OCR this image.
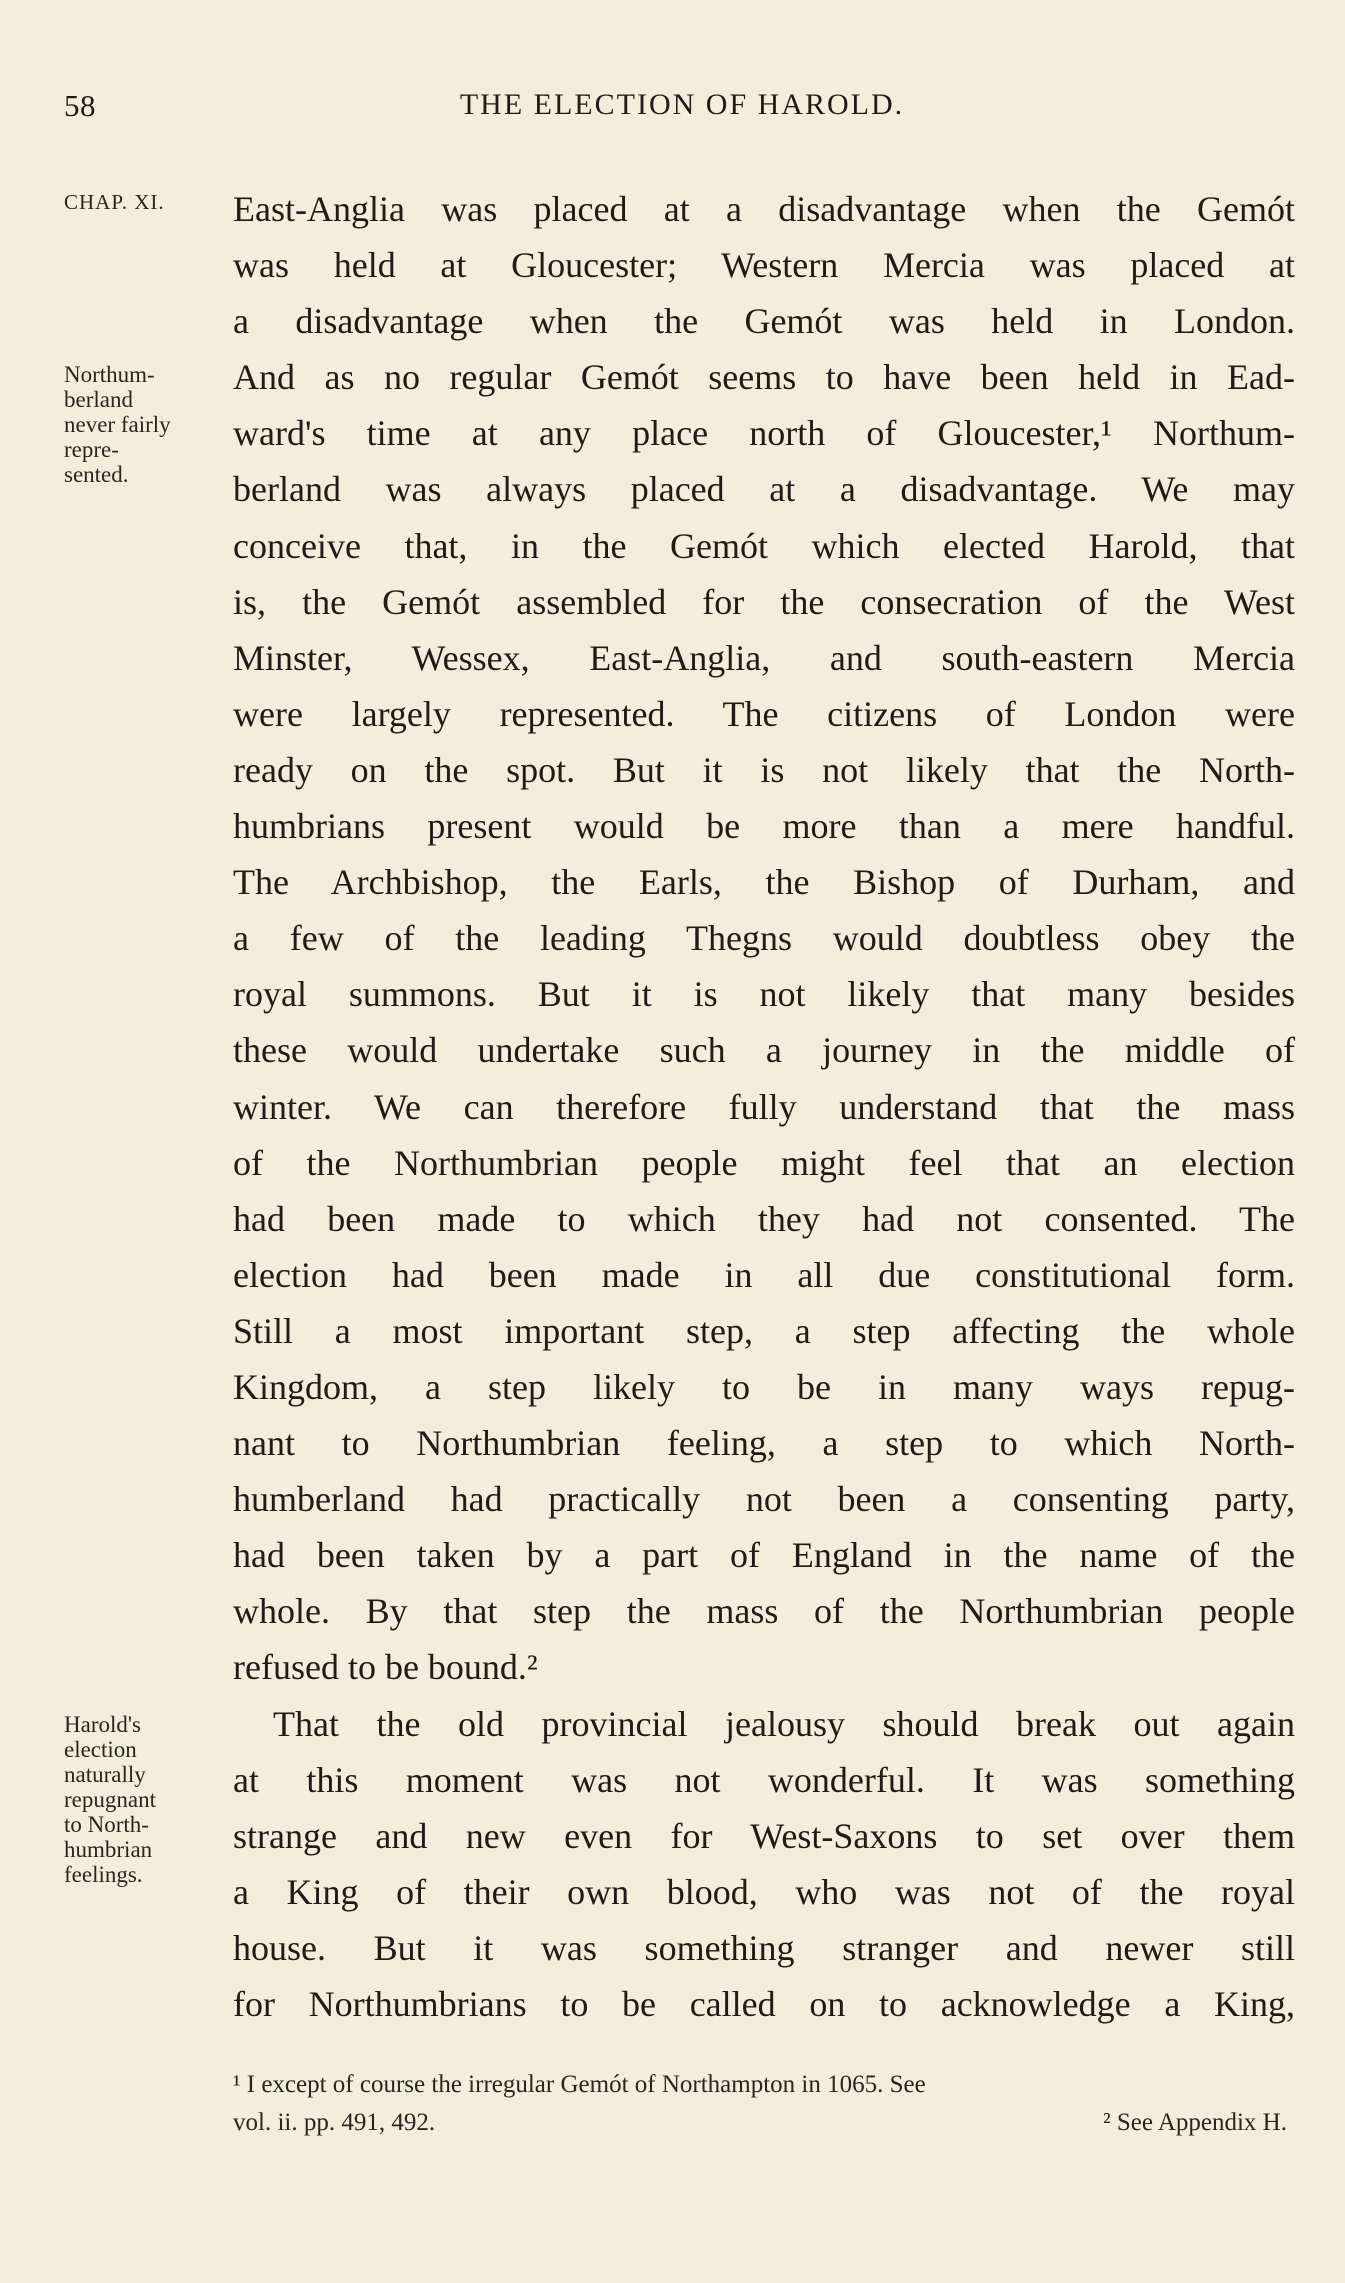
58	THE ELECTION OF HAROLD.
CHAP. XI.
Northum-
berland
never fairly
repre-
sented.
Harold's
election
naturally
repugnant
to North-
humbrian
feelings.
East-Anglia was placed at a disadvantage when the Gemót
was held at Gloucester; Western Mercia was placed at
a disadvantage when the Gemót was held in London.
And as no regular Gemót seems to have been held in Ead-
ward's time at any place north of Gloucester,¹ Northum-
berland was always placed at a disadvantage. We may
conceive that, in the Gemót which elected Harold, that
is, the Gemót assembled for the consecration of the West
Minster, Wessex, East-Anglia, and south-eastern Mercia
were largely represented. The citizens of London were
ready on the spot. But it is not likely that the North-
humbrians present would be more than a mere handful.
The Archbishop, the Earls, the Bishop of Durham, and
a few of the leading Thegns would doubtless obey the
royal summons. But it is not likely that many besides
these would undertake such a journey in the middle of
winter. We can therefore fully understand that the mass
of the Northumbrian people might feel that an election
had been made to which they had not consented. The
election had been made in all due constitutional form.
Still a most important step, a step affecting the whole
Kingdom, a step likely to be in many ways repug-
nant to Northumbrian feeling, a step to which North-
humberland had practically not been a consenting party,
had been taken by a part of England in the name of the
whole. By that step the mass of the Northumbrian people
refused to be bound.²
That the old provincial jealousy should break out again
at this moment was not wonderful. It was something
strange and new even for West-Saxons to set over them
a King of their own blood, who was not of the royal
house. But it was something stranger and newer still
for Northumbrians to be called on to acknowledge a King,
¹ I except of course the irregular Gemót of Northampton in 1065. See
vol. ii. pp. 491, 492.	² See Appendix H.
